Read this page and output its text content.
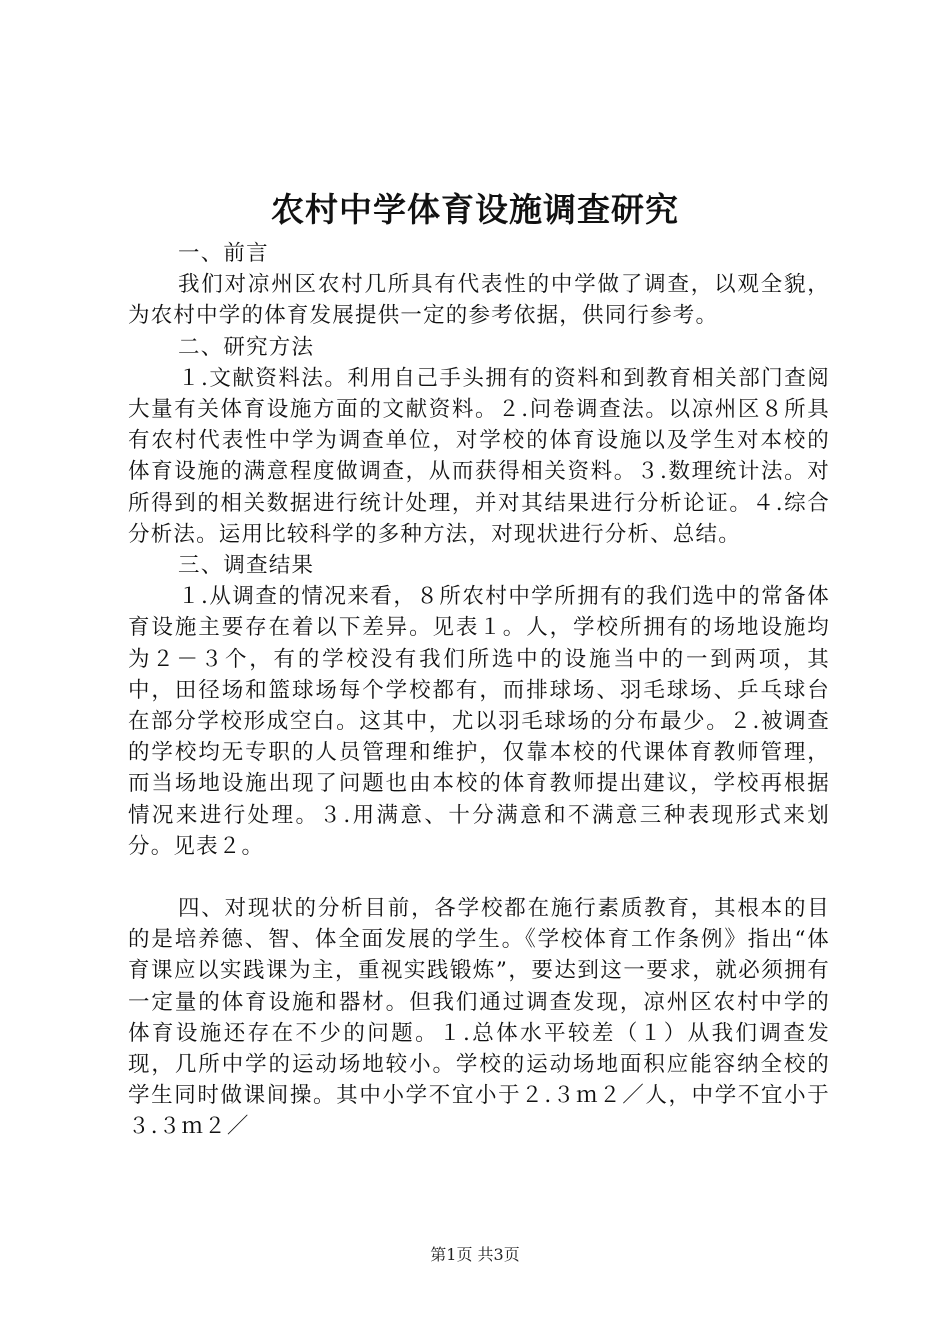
农村中学体育设施调查研究

一、前言

我们对凉州区农村几所具有代表性的中学做了调查，以观全貌，为农村中学的体育发展提供一定的参考依据，供同行参考。

二、研究方法

１.文献资料法。利用自己手头拥有的资料和到教育相关部门查阅大量有关体育设施方面的文献资料。２.问卷调查法。以凉州区８所具有农村代表性中学为调查单位，对学校的体育设施以及学生对本校的体育设施的满意程度做调查，从而获得相关资料。３.数理统计法。对所得到的相关数据进行统计处理，并对其结果进行分析论证。４.综合分析法。运用比较科学的多种方法，对现状进行分析、总结。

三、调查结果

１.从调查的情况来看，８所农村中学所拥有的我们选中的常备体育设施主要存在着以下差异。见表１。人，学校所拥有的场地设施均为２－３个，有的学校没有我们所选中的设施当中的一到两项，其中，田径场和篮球场每个学校都有，而排球场、羽毛球场、乒乓球台在部分学校形成空白。这其中，尤以羽毛球场的分布最少。２.被调查的学校均无专职的人员管理和维护，仅靠本校的代课体育教师管理，而当场地设施出现了问题也由本校的体育教师提出建议，学校再根据情况来进行处理。３.用满意、十分满意和不满意三种表现形式来划分。见表２。

四、对现状的分析目前，各学校都在施行素质教育，其根本的目的是培养德、智、体全面发展的学生。《学校体育工作条例》指出“体育课应以实践课为主，重视实践锻炼”，要达到这一要求，就必须拥有一定量的体育设施和器材。但我们通过调查发现，凉州区农村中学的体育设施还存在不少的问题。１.总体水平较差（１）从我们调查发现，几所中学的运动场地较小。学校的运动场地面积应能容纳全校的学生同时做课间操。其中小学不宜小于２.３ｍ２／人，中学不宜小于３.３ｍ２／

第1页 共3页
